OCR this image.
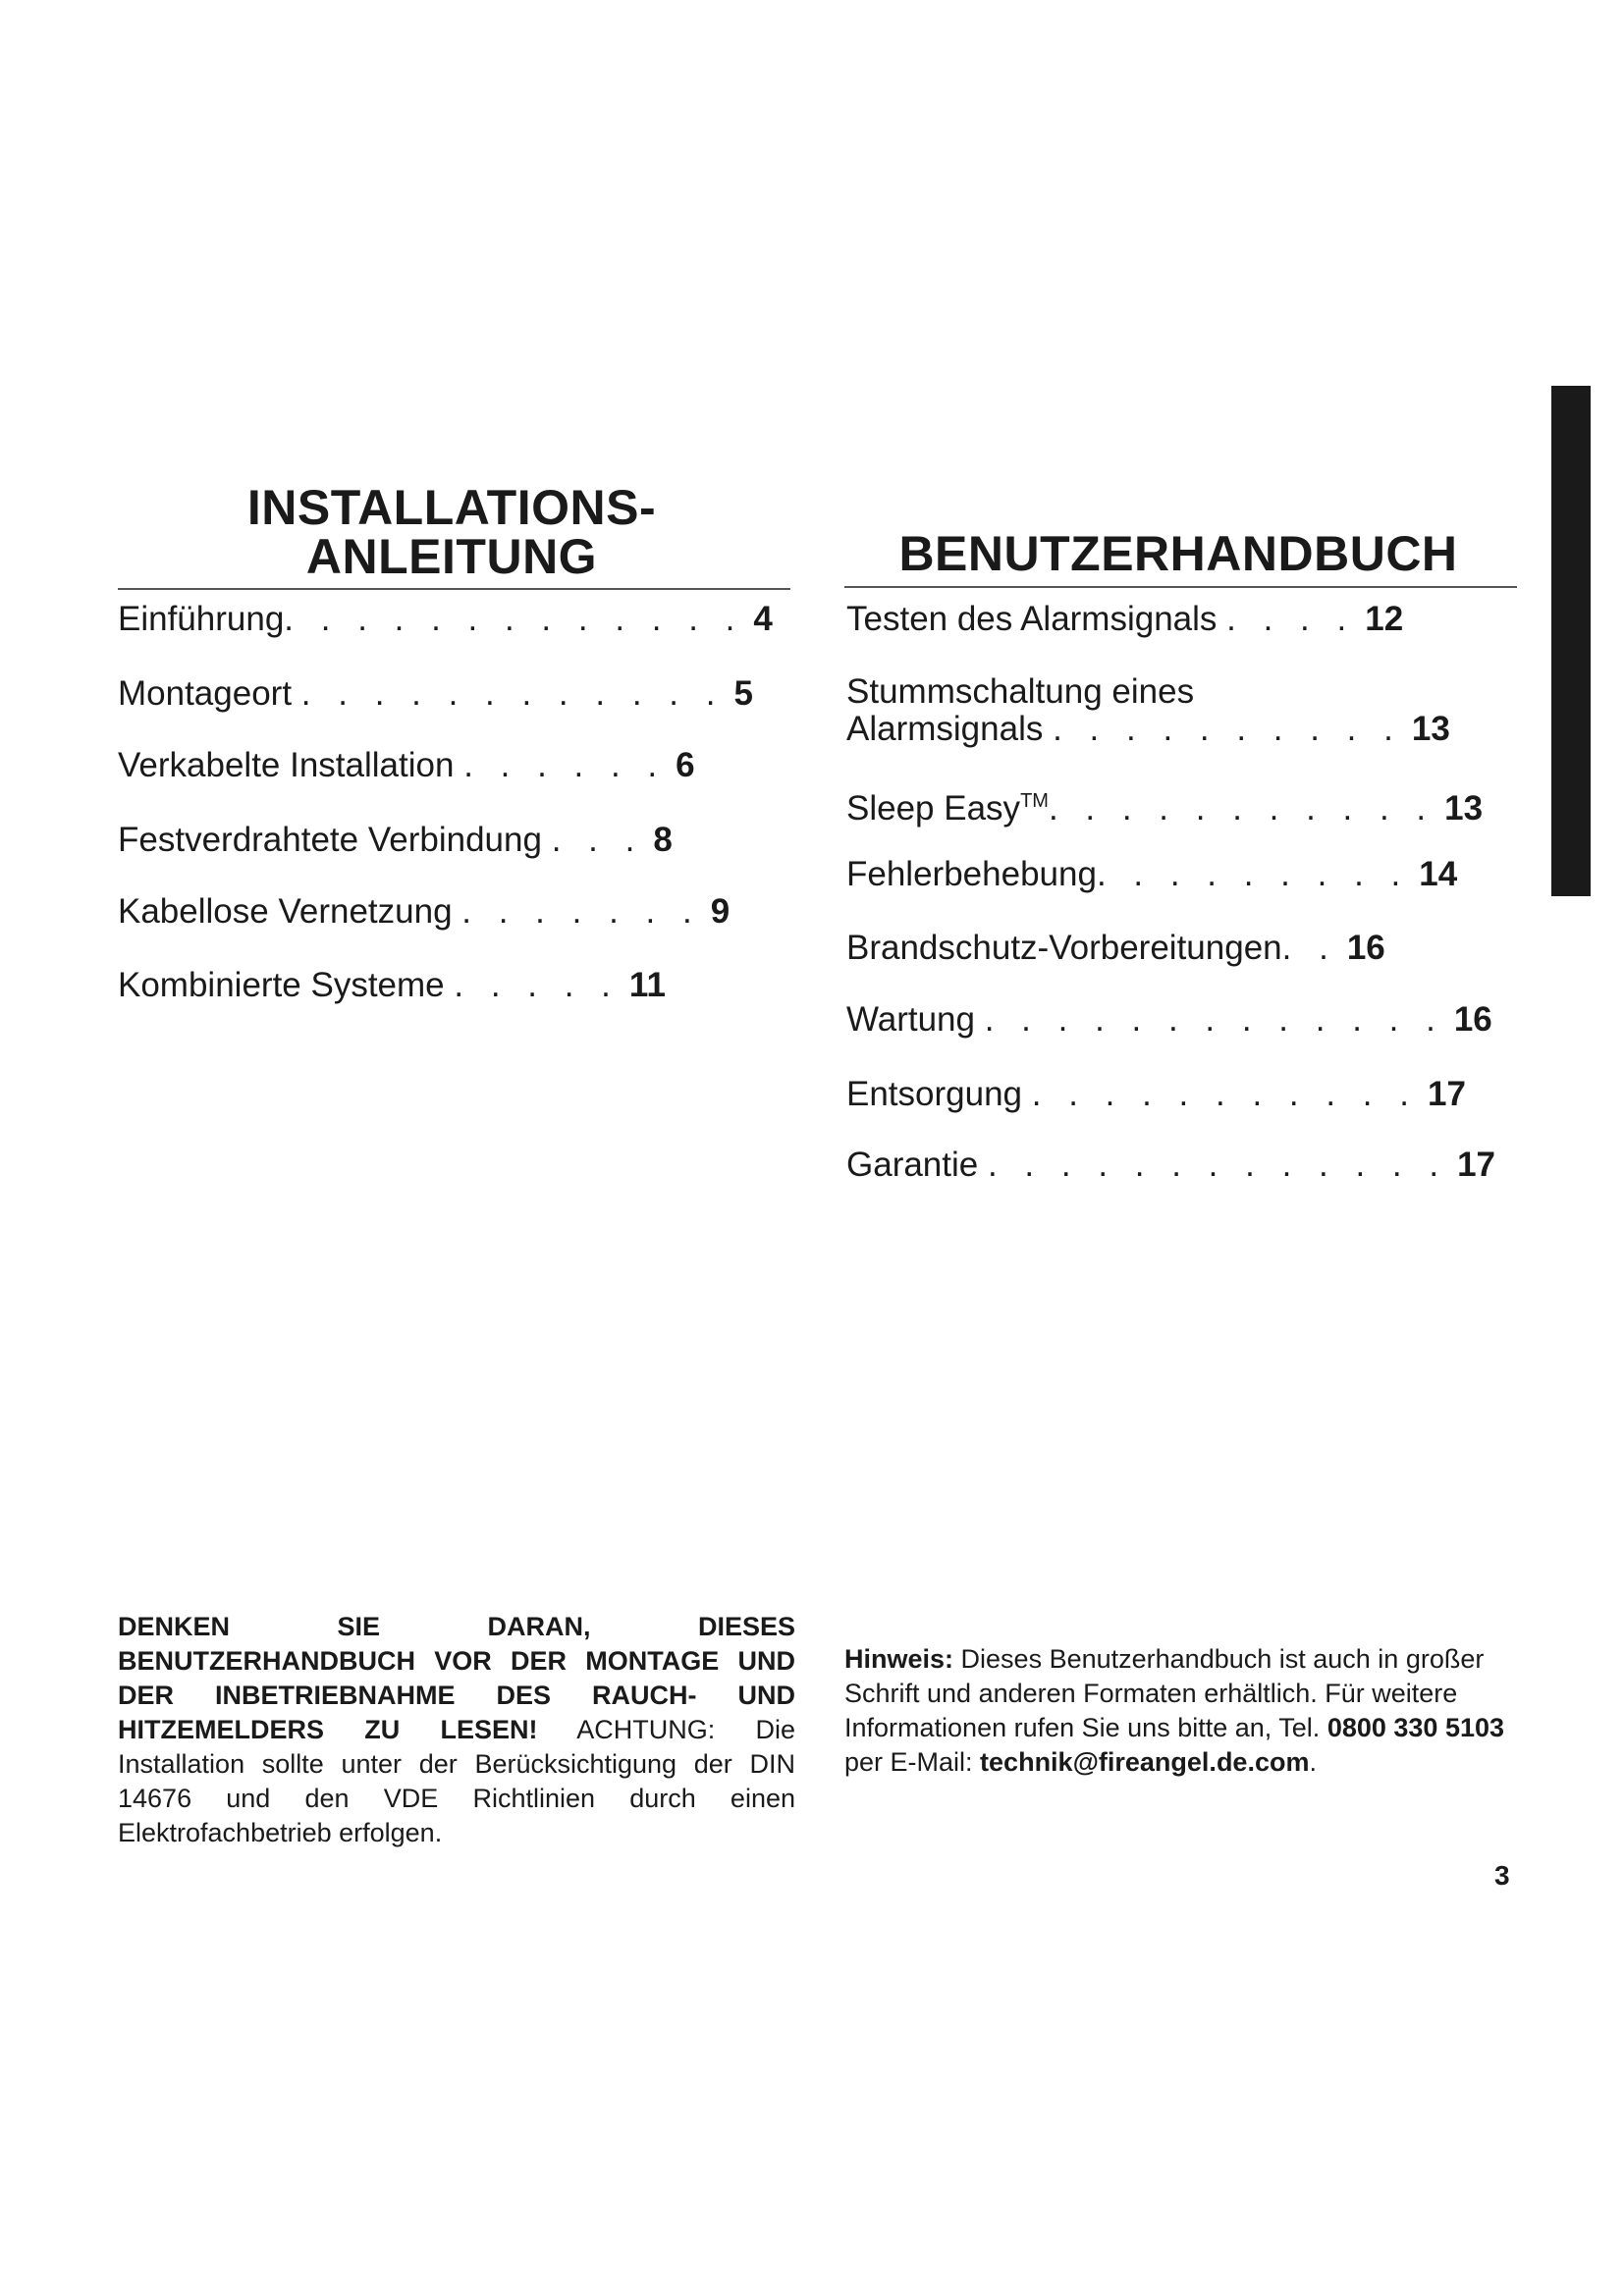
INSTALLATIONS-
ANLEITUNG	BENUTZERHANDBUCH
Einführung. . . . . . . . . . . . . 4
Montageort . . . . . . . . . . . . 5
Verkabelte Installation . . . . . . 6
Festverdrahtete Verbindung . . . 8
Kabellose Vernetzung . . . . . . . 9
Kombinierte Systeme . . . . . 11
Testen des Alarmsignals . . . . 12
Stummschaltung eines
Alarmsignals . . . . . . . . . . 13
Sleep Easy™. . . . . . . . . . . 13
Fehlerbehebung. . . . . . . . . 14
Brandschutz-Vorbereitungen. . 16
Wartung . . . . . . . . . . . . . 16
Entsorgung . . . . . . . . . . . 17
Garantie . . . . . . . . . . . . . 17
DENKEN SIE DARAN, DIESES BENUTZERHANDBUCH VOR DER MONTAGE UND DER INBETRIEBNAHME DES RAUCH- UND HITZEMELDERS ZU LESEN! ACHTUNG: Die Installation sollte unter der Berücksichtigung der DIN 14676 und den VDE Richtlinien durch einen Elektrofachbetrieb erfolgen.
Hinweis: Dieses Benutzerhandbuch ist auch in großer Schrift und anderen Formaten erhältlich. Für weitere Informationen rufen Sie uns bitte an, Tel. 0800 330 5103 per E-Mail: technik@fireangel.de.com.
3
